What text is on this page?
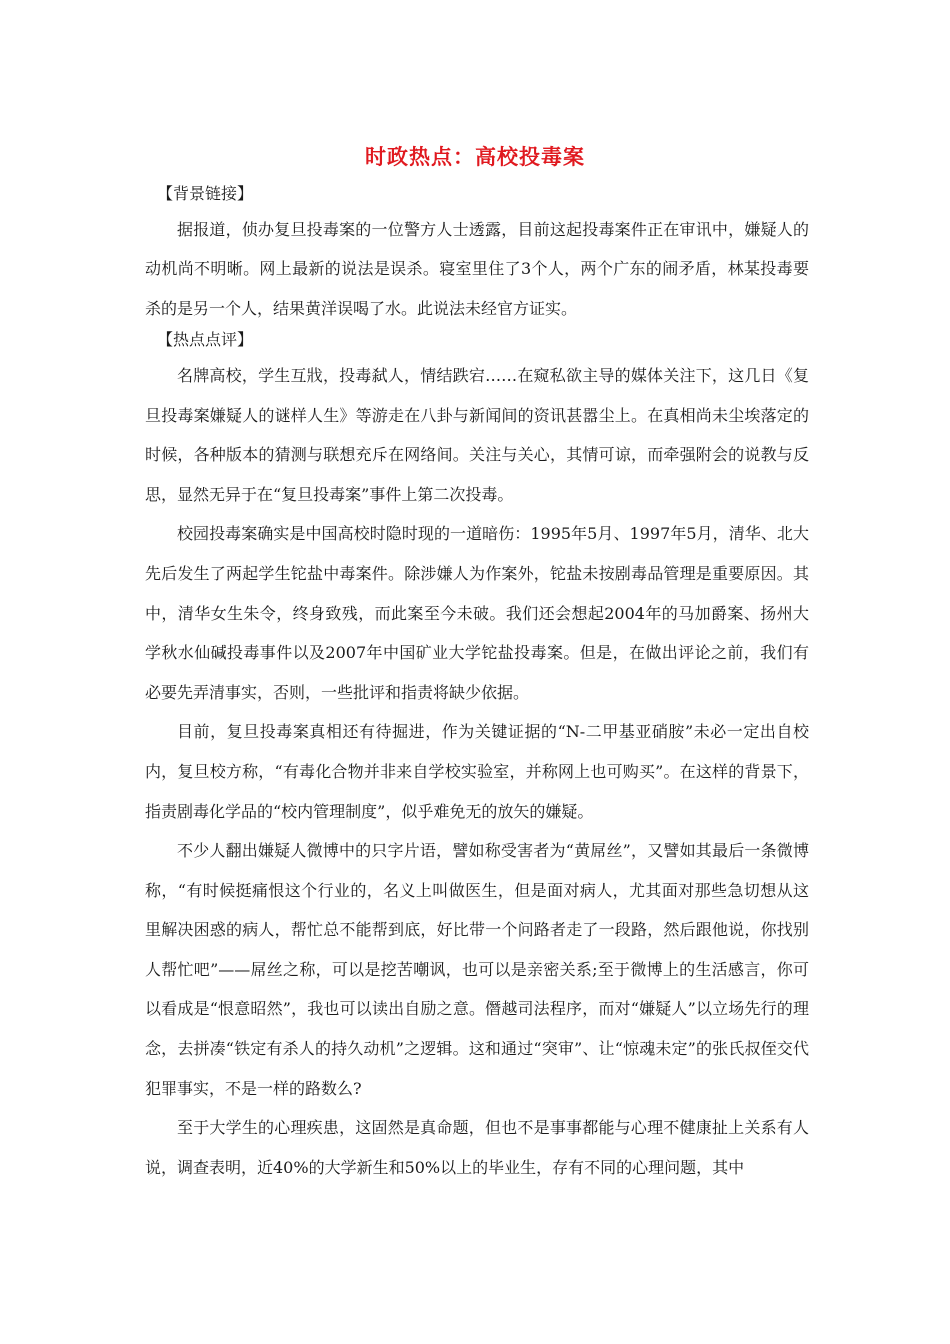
时政热点：高校投毒案

【背景链接】

据报道，侦办复旦投毒案的一位警方人士透露，目前这起投毒案件正在审讯中，嫌疑人的动机尚不明晰。网上最新的说法是误杀。寝室里住了3个人，两个广东的闹矛盾，林某投毒要杀的是另一个人，结果黄洋误喝了水。此说法未经官方证实。

【热点点评】

名牌高校，学生互戕，投毒弑人，情结跌宕……在窥私欲主导的媒体关注下，这几日《复旦投毒案嫌疑人的谜样人生》等游走在八卦与新闻间的资讯甚嚣尘上。在真相尚未尘埃落定的时候，各种版本的猜测与联想充斥在网络间。关注与关心，其情可谅，而牵强附会的说教与反思，显然无异于在“复旦投毒案”事件上第二次投毒。

校园投毒案确实是中国高校时隐时现的一道暗伤：1995年5月、1997年5月，清华、北大先后发生了两起学生铊盐中毒案件。除涉嫌人为作案外，铊盐未按剧毒品管理是重要原因。其中，清华女生朱令，终身致残，而此案至今未破。我们还会想起2004年的马加爵案、扬州大学秋水仙碱投毒事件以及2007年中国矿业大学铊盐投毒案。但是，在做出评论之前，我们有必要先弄清事实，否则，一些批评和指责将缺少依据。

目前，复旦投毒案真相还有待掘进，作为关键证据的“N-二甲基亚硝胺”未必一定出自校内，复旦校方称，“有毒化合物并非来自学校实验室，并称网上也可购买”。在这样的背景下，指责剧毒化学品的“校内管理制度”，似乎难免无的放矢的嫌疑。

不少人翻出嫌疑人微博中的只字片语，譬如称受害者为“黄屌丝”，又譬如其最后一条微博称，“有时候挺痛恨这个行业的，名义上叫做医生，但是面对病人，尤其面对那些急切想从这里解决困惑的病人，帮忙总不能帮到底，好比带一个问路者走了一段路，然后跟他说，你找别人帮忙吧”——屌丝之称，可以是挖苦嘲讽，也可以是亲密关系;至于微博上的生活感言，你可以看成是“恨意昭然”，我也可以读出自励之意。僭越司法程序，而对“嫌疑人”以立场先行的理念，去拼凑“铁定有杀人的持久动机”之逻辑。这和通过“突审”、让“惊魂未定”的张氏叔侄交代犯罪事实，不是一样的路数么?

至于大学生的心理疾患，这固然是真命题，但也不是事事都能与心理不健康扯上关系有人说，调查表明，近40%的大学新生和50%以上的毕业生，存有不同的心理问题，其中
